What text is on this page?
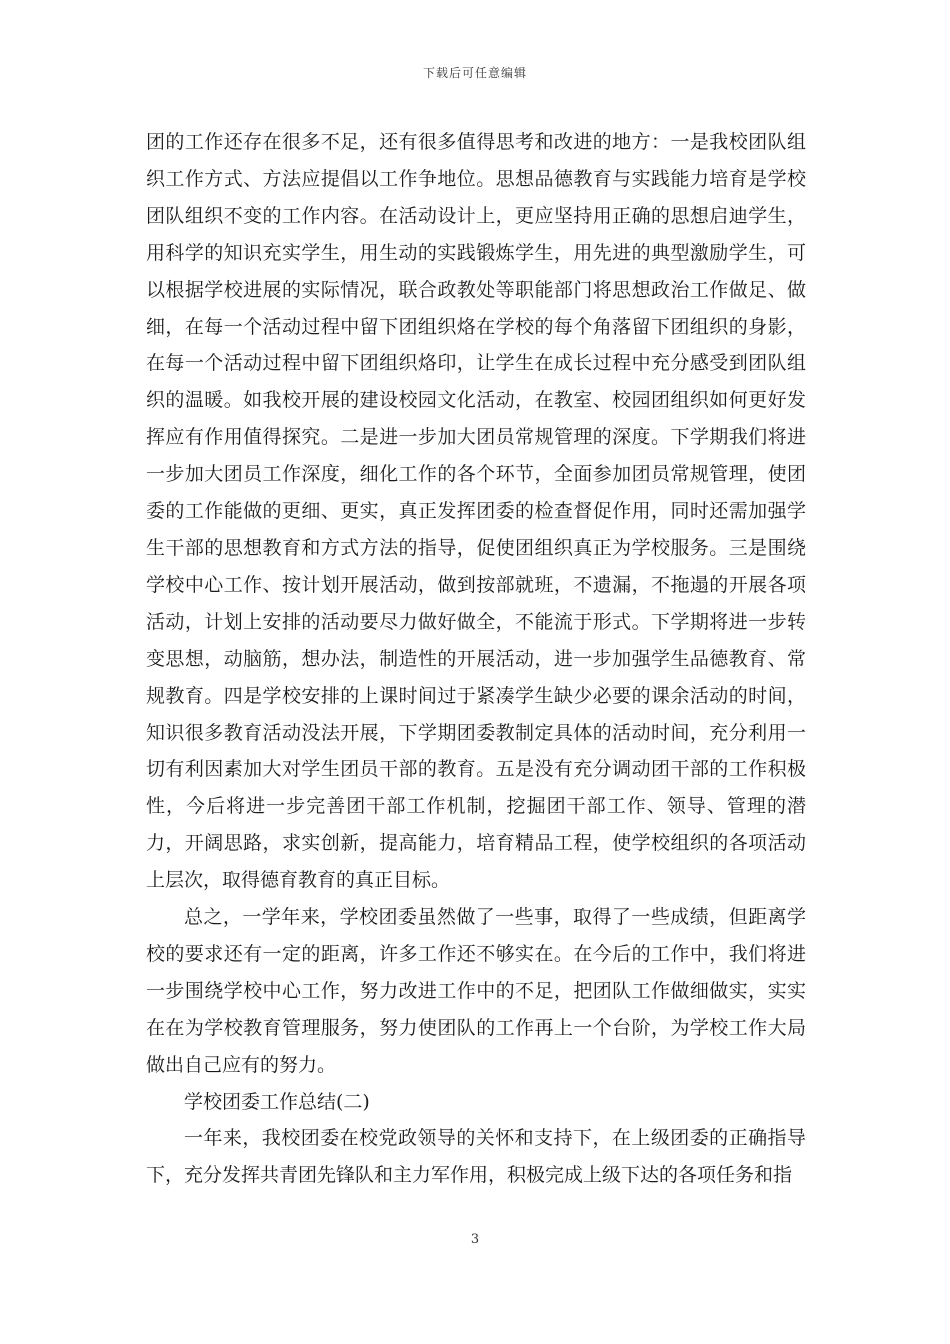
下载后可任意编辑

团的工作还存在很多不足，还有很多值得思考和改进的地方：一是我校团队组织工作方式、方法应提倡以工作争地位。思想品德教育与实践能力培育是学校团队组织不变的工作内容。在活动设计上，更应坚持用正确的思想启迪学生，用科学的知识充实学生，用生动的实践锻炼学生，用先进的典型激励学生，可以根据学校进展的实际情况，联合政教处等职能部门将思想政治工作做足、做细，在每一个活动过程中留下团组织烙在学校的每个角落留下团组织的身影，在每一个活动过程中留下团组织烙印，让学生在成长过程中充分感受到团队组织的温暖。如我校开展的建设校园文化活动，在教室、校园团组织如何更好发挥应有作用值得探究。二是进一步加大团员常规管理的深度。下学期我们将进一步加大团员工作深度，细化工作的各个环节，全面参加团员常规管理，使团委的工作能做的更细、更实，真正发挥团委的检查督促作用，同时还需加强学生干部的思想教育和方式方法的指导，促使团组织真正为学校服务。三是围绕学校中心工作、按计划开展活动，做到按部就班，不遗漏，不拖遢的开展各项活动，计划上安排的活动要尽力做好做全，不能流于形式。下学期将进一步转变思想，动脑筋，想办法，制造性的开展活动，进一步加强学生品德教育、常规教育。四是学校安排的上课时间过于紧凑学生缺少必要的课余活动的时间，知识很多教育活动没法开展，下学期团委教制定具体的活动时间，充分利用一切有利因素加大对学生团员干部的教育。五是没有充分调动团干部的工作积极性，今后将进一步完善团干部工作机制，挖掘团干部工作、领导、管理的潜力，开阔思路，求实创新，提高能力，培育精品工程，使学校组织的各项活动上层次，取得德育教育的真正目标。

总之，一学年来，学校团委虽然做了一些事，取得了一些成绩，但距离学校的要求还有一定的距离，许多工作还不够实在。在今后的工作中，我们将进一步围绕学校中心工作，努力改进工作中的不足，把团队工作做细做实，实实在在为学校教育管理服务，努力使团队的工作再上一个台阶，为学校工作大局做出自己应有的努力。

学校团委工作总结(二)

一年来，我校团委在校党政领导的关怀和支持下，在上级团委的正确指导下，充分发挥共青团先锋队和主力军作用，积极完成上级下达的各项任务和指

3
